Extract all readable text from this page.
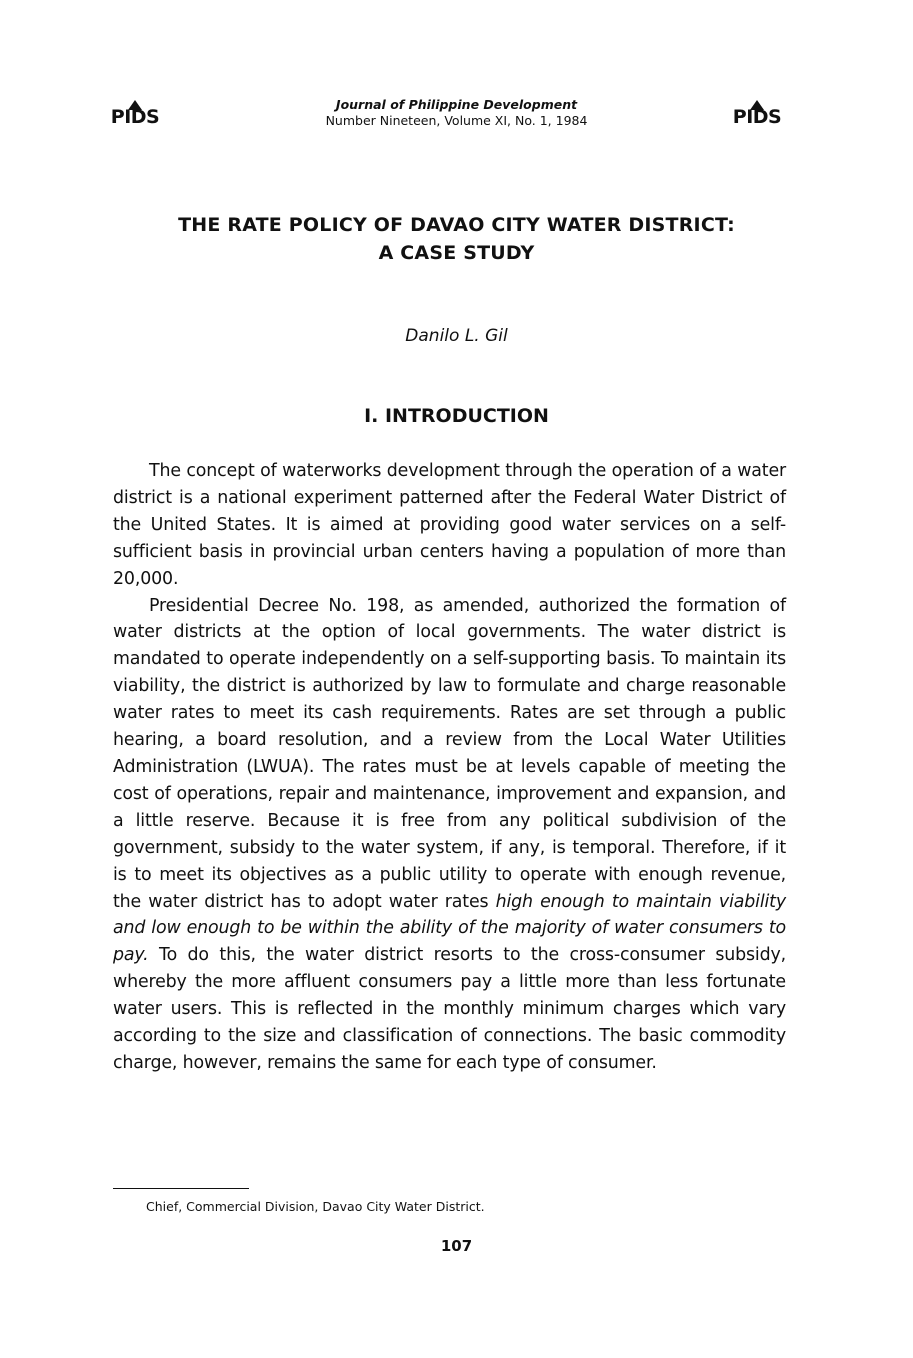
PIDS
Journal of Philippine Development
Number Nineteen, Volume XI, No. 1, 1984	PIDS
THE RATE POLICY OF DAVAO CITY WATER DISTRICT:
A CASE STUDY
Danilo L. Gil
I. INTRODUCTION

The concept of waterworks development through the operation of a water district is a national experiment patterned after the Federal Water District of the United States. It is aimed at providing good water services on a self-sufficient basis in provincial urban centers having a population of more than 20,000.

Presidential Decree No. 198, as amended, authorized the formation of water districts at the option of local governments. The water district is mandated to operate independently on a self-supporting basis. To maintain its viability, the district is authorized by law to formulate and charge reasonable water rates to meet its cash requirements. Rates are set through a public hearing, a board resolution, and a review from the Local Water Utilities Administration (LWUA). The rates must be at levels capable of meeting the cost of operations, repair and maintenance, improvement and expansion, and a little reserve. Because it is free from any political subdivision of the government, subsidy to the water system, if any, is temporal. Therefore, if it is to meet its objectives as a public utility to operate with enough revenue, the water district has to adopt water rates high enough to maintain viability and low enough to be within the ability of the majority of water consumers to pay. To do this, the water district resorts to the cross-consumer subsidy, whereby the more affluent consumers pay a little more than less fortunate water users. This is reflected in the monthly minimum charges which vary according to the size and classification of connections. The basic commodity charge, however, remains the same for each type of consumer.

Chief, Commercial Division, Davao City Water District.
107
